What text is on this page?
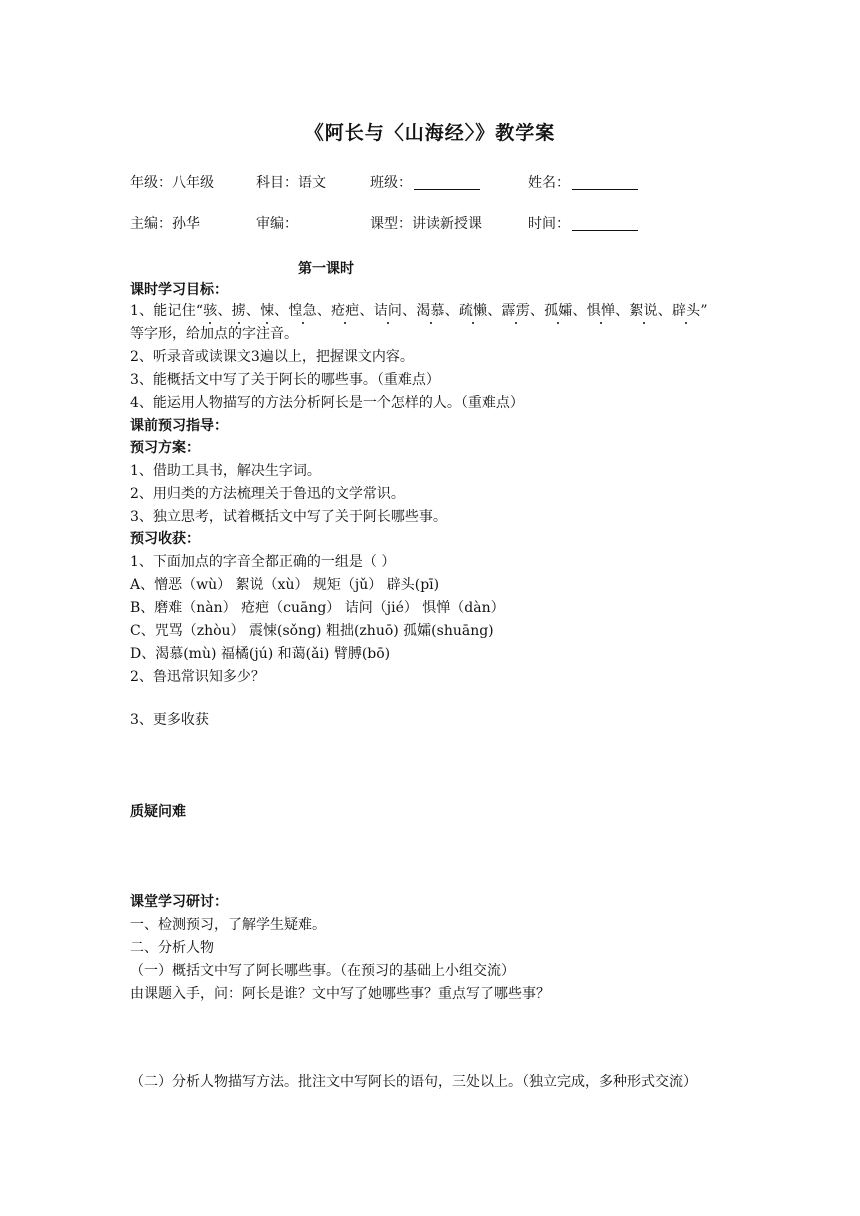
《阿长与〈山海经〉》教学案
年级：八年级	科目：语文	班级：	姓名：
主编：孙华	审编：	课型：讲读新授课	时间：
第一课时
课时学习目标：
1、能记住“骇、掳、悚、惶急、疮疤、诘问、渴慕、疏懒、霹雳、孤孀、惧惮、絮说、辟头”
等字形，给加点的字注音。
2、听录音或读课文3遍以上，把握课文内容。
3、能概括文中写了关于阿长的哪些事。（重难点）
4、能运用人物描写的方法分析阿长是一个怎样的人。（重难点）
课前预习指导：
预习方案：
1、借助工具书，解决生字词。
2、用归类的方法梳理关于鲁迅的文学常识。
3、独立思考，试着概括文中写了关于阿长哪些事。
预习收获：
1、下面加点的字音全都正确的一组是（ ）
A、憎恶（wù） 絮说（xù） 规矩（jǔ） 辟头(pī)
B、磨难（nàn） 疮疤（cuāng） 诘问（jié） 惧惮（dàn）
C、咒骂（zhòu） 震悚(sǒng) 粗拙(zhuō) 孤孀(shuāng)
D、渴慕(mù) 福橘(jú) 和蔼(ǎi) 臂膊(bō)
2、鲁迅常识知多少？
3、更多收获
质疑问难
课堂学习研讨：
一、检测预习，了解学生疑难。
二、分析人物
（一）概括文中写了阿长哪些事。（在预习的基础上小组交流）
由课题入手，问：阿长是谁？文中写了她哪些事？重点写了哪些事？
（二）分析人物描写方法。批注文中写阿长的语句，三处以上。（独立完成，多种形式交流）
